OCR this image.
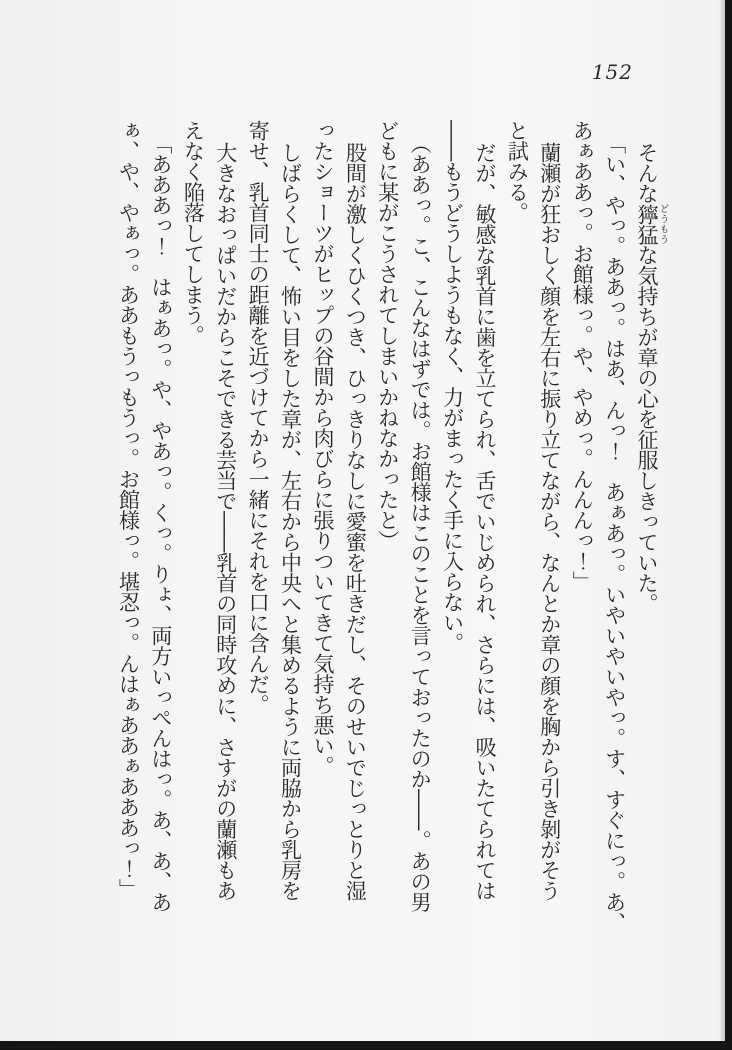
152

そんな獰猛どうもうな気持ちが章の心を征服しきっていた。

「い、やっ。ああっ。はあ、んっ！　あぁあっ。いやいやいやっ。す、すぐにっ。あ、

あぁああっ。お館様っ。や、やめっ。んんんっ！」

蘭瀬が狂おしく顔を左右に振り立てながら、なんとか章の顔を胸から引き剝がそう

と試みる。

だが、敏感な乳首に歯を立てられ、舌でいじめられ、さらには、吸いたてられては

――もうどうしようもなく、力がまったく手に入らない。

（ああっ。こ、こんなはずでは。お館様はこのことを言っておったのか――。あの男

どもに某がこうされてしまいかねなかったと）

股間が激しくひくつき、ひっきりなしに愛蜜を吐きだし、そのせいでじっとりと湿

ったショーツがヒップの谷間から肉びらに張りついてきて気持ち悪い。

しばらくして、怖い目をした章が、左右から中央へと集めるように両脇から乳房を

寄せ、乳首同士の距離を近づけてから一緒にそれを口に含んだ。

大きなおっぱいだからこそできる芸当で――乳首の同時攻めに、さすがの蘭瀬もあ

えなく陥落してしまう。

「あああっ！　はぁあっ。や、やあっ。くっ。りょ、両方いっぺんはっ。あ、あ、あ

ぁ、や、やぁっ。ああもうっもうっ。お館様っ。堪忍っ。んはぁああぁあああっ！」
